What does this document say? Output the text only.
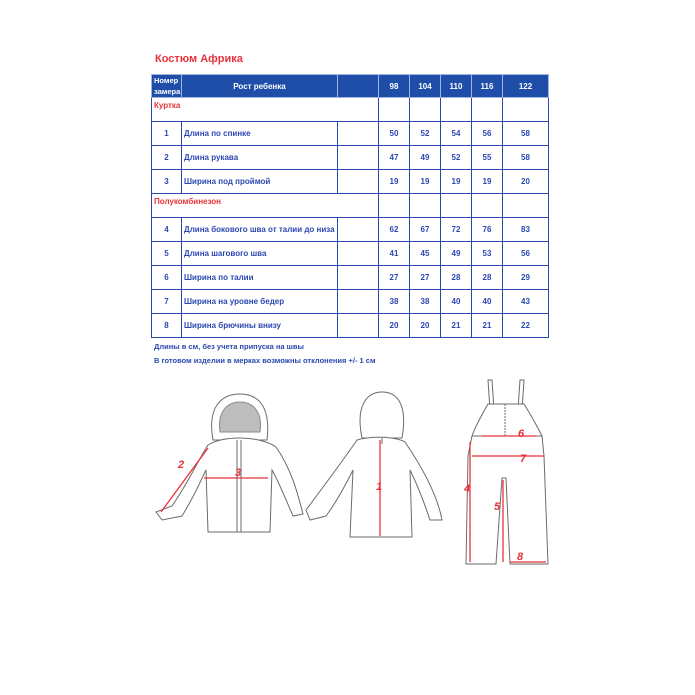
Костюм Африка
Номер замера	Рост ребенка		98	104	110	116	122
Куртка							
1	Длина по спинке		50	52	54	56	58
2	Длина рукава		47	49	52	55	58
3	Ширина под проймой		19	19	19	19	20
Полукомбинезон							
4	Длина бокового шва от талии до низа		62	67	72	76	83
5	Длина шагового шва		41	45	49	53	56
6	Ширина по талии		27	27	28	28	29
7	Ширина на уровне бедер		38	38	40	40	43
8	Ширина брючины внизу		20	20	21	21	22
Длины в см, без учета припуска на швы
В готовом изделии в мерках возможны отклонения +/- 1 см
1
2
3
4
5
6
7
8
